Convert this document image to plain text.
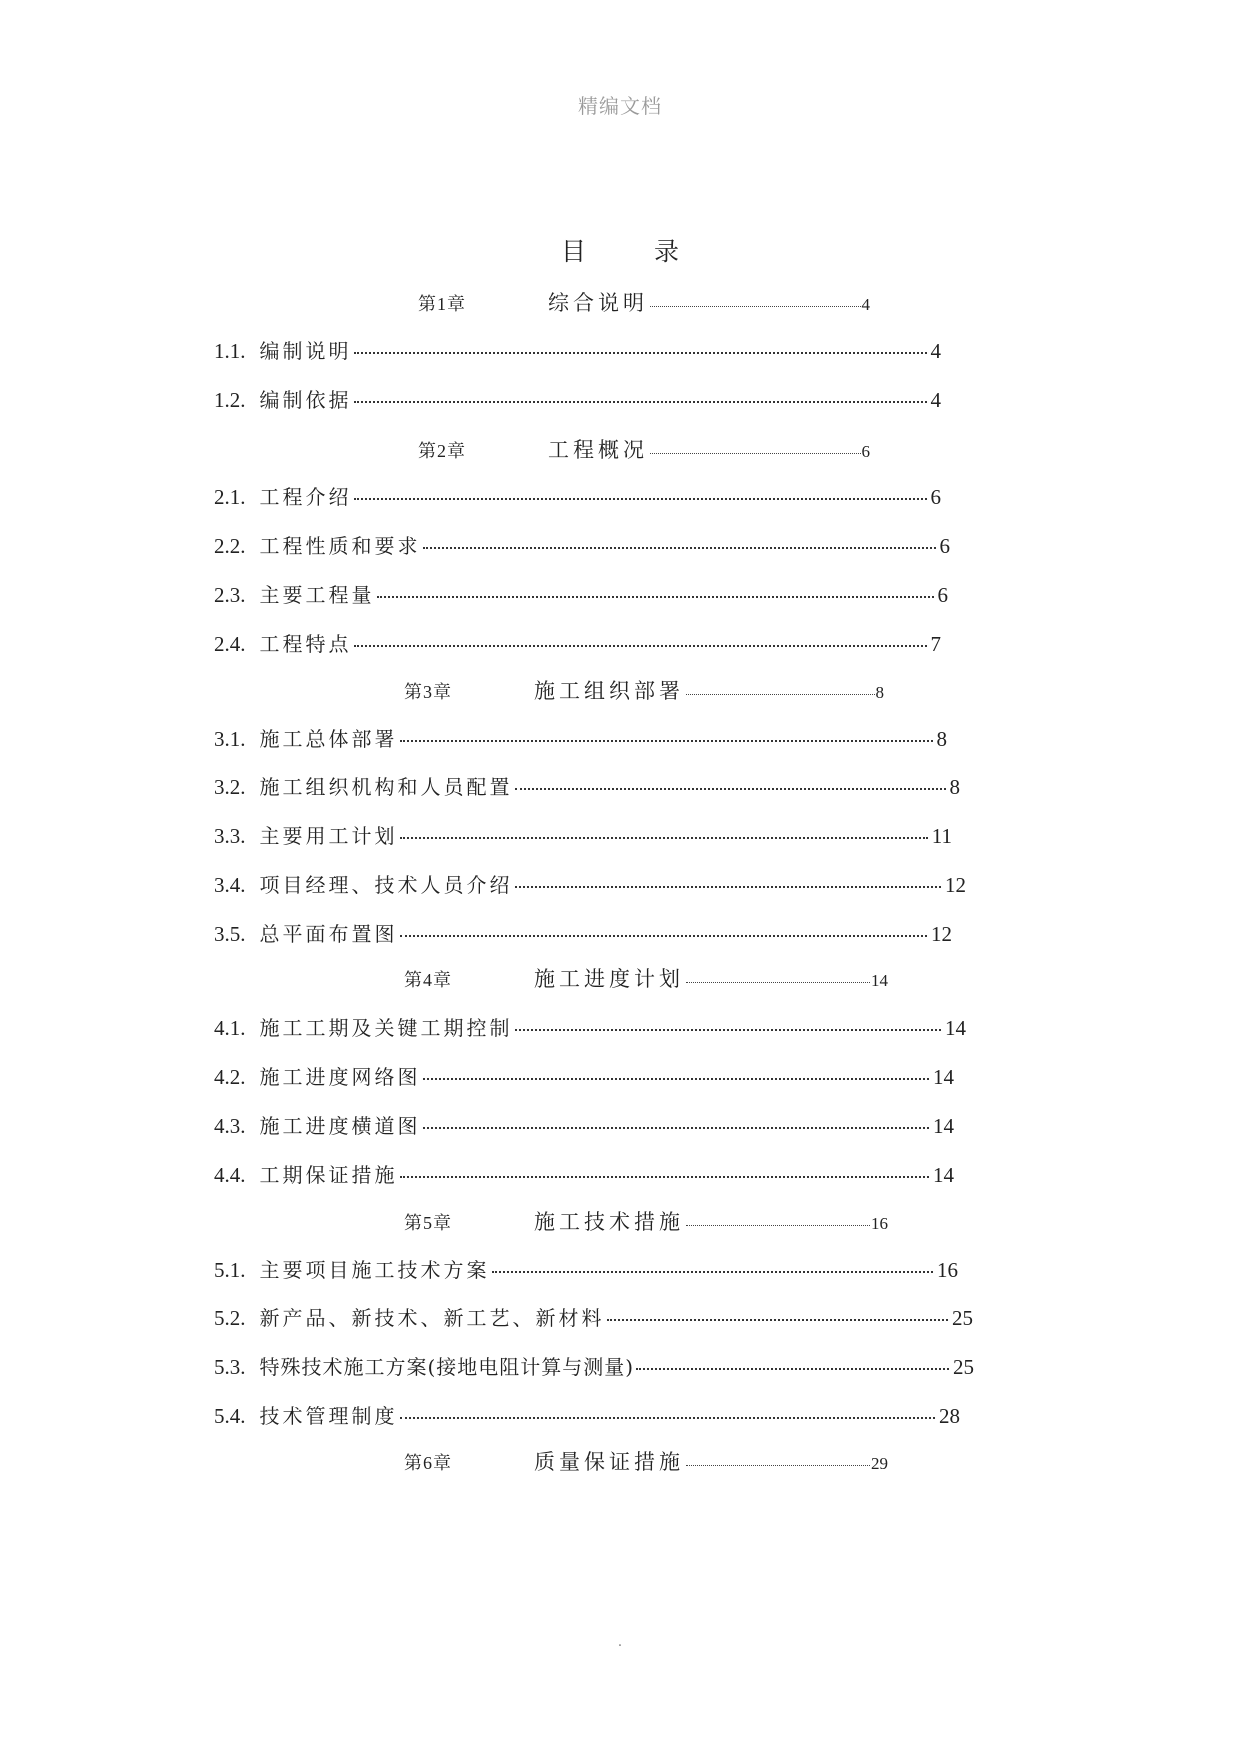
精编文档
目	录
第1章	综合说明	4
1.1. 编制说明	4
1.2. 编制依据	4
第2章	工程概况	6
2.1. 工程介绍	6
2.2. 工程性质和要求	6
2.3. 主要工程量	6
2.4. 工程特点	7
第3章	施工组织部署	8
3.1. 施工总体部署	8
3.2. 施工组织机构和人员配置	8
3.3. 主要用工计划	11
3.4. 项目经理、技术人员介绍	12
3.5. 总平面布置图	12
第4章	施工进度计划	14
4.1. 施工工期及关键工期控制	14
4.2. 施工进度网络图	14
4.3. 施工进度横道图	14
4.4. 工期保证措施	14
第5章	施工技术措施	16
5.1. 主要项目施工技术方案	16
5.2. 新产品、新技术、新工艺、新材料	25
5.3. 特殊技术施工方案(接地电阻计算与测量)	25
5.4. 技术管理制度	28
第6章	质量保证措施	29
.
